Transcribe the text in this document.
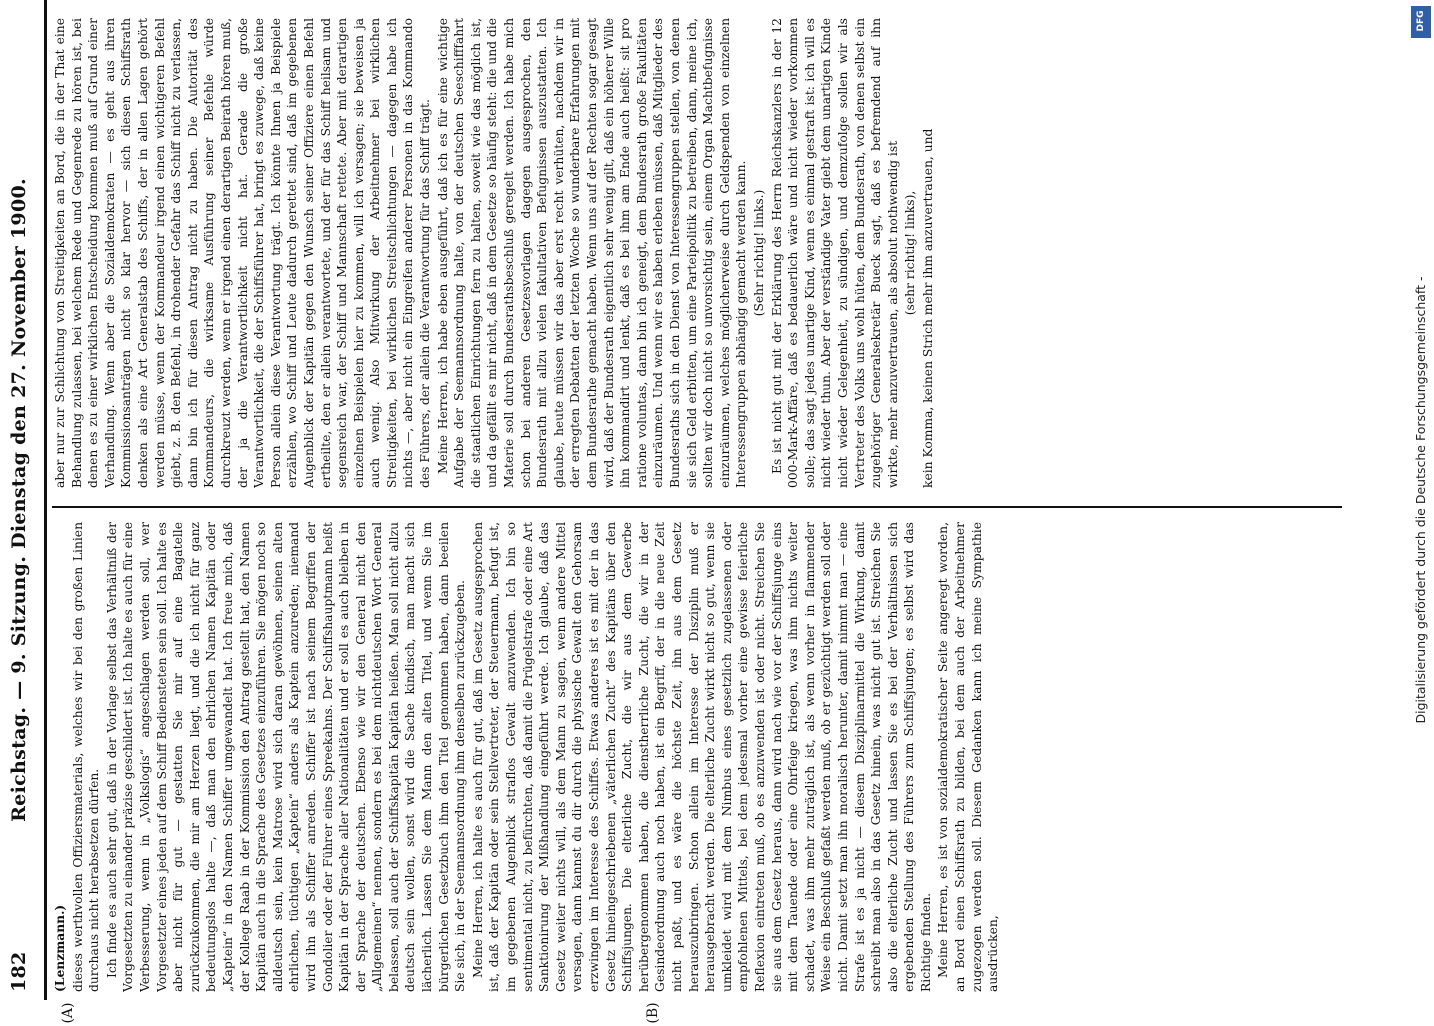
182
Reichstag. — 9. Sitzung. Dienstag den 27. November 1900.
(A)	(B)

(Lenzmann.) dieses werthvollen Offiziersmaterials, welches wir bei den großen Linien durchaus nicht herabsetzen dürfen. Ich finde es auch sehr gut, daß in der Vorlage selbst das Verhältniß der Vorgesetzten zu einander präzise geschildert ist. Ich halte es auch für eine Verbesserung, wenn in „Volkslogis“ angeschlagen werden soll, wer Vorgesetzter eines jeden auf dem Schiff Bediensteten sein soll. Ich halte es aber nicht für gut — gestatten Sie mir auf eine Bagatelle zurückzukommen, die mir am Herzen liegt, und die ich nicht für ganz bedeutungslos halte —, daß man den ehrlichen Namen Kapitän oder „Kaptein“ in den Namen Schiffer umgewandelt hat. Ich freue mich, daß der Kollege Raab in der Kommission den Antrag gestellt hat, den Namen Kapitän auch in die Sprache des Gesetzes einzuführen. Sie mögen noch so alldeutsch sein, kein Matrose wird sich daran gewöhnen, seinen alten ehrlichen, tüchtigen „Kaptein“ anders als Kaptein anzureden; niemand wird ihn als Schiffer anreden. Schiffer ist nach seinem Begriffen der Gondolier oder der Führer eines Spreekahns. Der Schiffshauptmann heißt Kapitän in der Sprache aller Nationalitäten und er soll es auch bleiben in der Sprache der deutschen. Ebenso wie wir den General nicht den „Allgemeinen“ nennen, sondern es bei dem nichtdeutschen Wort General belassen, soll auch der Schiffskapitän Kapitän heißen. Man soll nicht allzu deutsch sein wollen, sonst wird die Sache kindisch, man macht sich lächerlich. Lassen Sie dem Mann den alten Titel, und wenn Sie im bürgerlichen Gesetzbuch ihm den Titel genommen haben, dann beeilen Sie sich, in der Seemannsordnung ihm denselben zurückzugeben. Meine Herren, ich halte es auch für gut, daß im Gesetz ausgesprochen ist, daß der Kapitän oder sein Stellvertreter, der Steuermann, befugt ist, im gegebenen Augenblick straflos Gewalt anzuwenden. Ich bin so sentimental nicht, zu befürchten, daß damit die Prügelstrafe oder eine Art Sanktionirung der Mißhandlung eingeführt werde. Ich glaube, daß das Gesetz weiter nichts will, als dem Mann zu sagen, wenn andere Mittel versagen, dann kannst du dir durch die physische Gewalt den Gehorsam erzwingen im Interesse des Schiffes. Etwas anderes ist es mit der in das Gesetz hineingeschriebenen „väterlichen Zucht“ des Kapitäns über den Schiffsjungen. Die elterliche Zucht, die wir aus dem Gewerbe herübergenommen haben, die dienstherrliche Zucht, die wir in der Gesindeordnung auch noch haben, ist ein Begriff, der in die neue Zeit nicht paßt, und es wäre die höchste Zeit, ihn aus dem Gesetz herauszubringen. Schon allein im Interesse der Disziplin muß er herausgebracht werden. Die elterliche Zucht wirkt nicht so gut, wenn sie umkleidet wird mit dem Nimbus eines gesetzlich zugelassenen oder empfohlenen Mittels, bei dem jedesmal vorher eine gewisse feierliche Reflexion eintreten muß, ob es anzuwenden ist oder nicht. Streichen Sie sie aus dem Gesetz heraus, dann wird nach wie vor der Schiffsjunge eins mit dem Tauende oder eine Ohrfeige kriegen, was ihm nichts weiter schadet, was ihm mehr zuträglich ist, als wenn vorher in flammender Weise ein Beschluß gefaßt werden muß, ob er gezüchtigt werden soll oder nicht. Damit setzt man ihn moralisch herunter, damit nimmt man — eine Strafe ist es ja nicht — diesem Disziplinarmittel die Wirkung, damit schreibt man also in das Gesetz hinein, was nicht gut ist. Streichen Sie also die elterliche Zucht und lassen Sie es bei der Verhältnissen sich ergebenden Stellung des Führers zum Schiffsjungen; es selbst wird das Richtige finden. Meine Herren, es ist von sozialdemokratischer Seite angeregt worden, an Bord einen Schiffsrath zu bilden, bei dem auch der Arbeitnehmer zugezogen werden soll. Diesem Gedanken kann ich meine Sympathie ausdrücken,

aber nur zur Schlichtung von Streitigkeiten an Bord, die in der That eine Behandlung zulassen, bei welchem Rede und Gegenrede zu hören ist, bei denen es zu einer wirklichen Entscheidung kommen muß auf Grund einer Verhandlung. Wenn aber die Sozialdemokraten — es geht aus ihren Kommissionsanträgen nicht so klar hervor — sich diesen Schiffsrath denken als eine Art Generalstab des Schiffs, der in allen Lagen gehört werden müsse, wenn der Kommandeur irgend einen wichtigeren Befehl giebt, z. B. den Befehl, in drohender Gefahr das Schiff nicht zu verlassen, dann bin ich für diesen Antrag nicht zu haben. Die Autorität des Kommandeurs, die wirksame Ausführung seiner Befehle würde durchkreuzt werden, wenn er irgend einen derartigen Beirath hören muß, der ja die Verantwortlichkeit nicht hat. Gerade die große Verantwortlichkeit, die der Schiffsführer hat, bringt es zuwege, daß keine Person allein diese Verantwortung trägt. Ich könnte Ihnen ja Beispiele erzählen, wo Schiff und Leute dadurch gerettet sind, daß im gegebenen Augenblick der Kapitän gegen den Wunsch seiner Offiziere einen Befehl ertheilte, den er allein verantwortete, und der für das Schiff heilsam und segensreich war, der Schiff und Mannschaft rettete. Aber mit derartigen einzelnen Beispielen hier zu kommen, will ich versagen; sie beweisen ja auch wenig. Also Mitwirkung der Arbeitnehmer bei wirklichen Streitigkeiten, bei wirklichen Streitschlichtungen — dagegen habe ich nichts —, aber nicht ein Eingreifen anderer Personen in das Kommando des Führers, der allein die Verantwortung für das Schiff trägt. Meine Herren, ich habe eben ausgeführt, daß ich es für eine wichtige Aufgabe der Seemannsordnung halte, von der deutschen Seeschifffahrt die staatlichen Einrichtungen fern zu halten, soweit wie das möglich ist, und da gefällt es mir nicht, daß in dem Gesetze so häufig steht: die und die Materie soll durch Bundesrathsbeschluß geregelt werden. Ich habe mich schon bei anderen Gesetzesvorlagen dagegen ausgesprochen, den Bundesrath mit allzu vielen fakultativen Befugnissen auszustatten. Ich glaube, heute müssen wir das aber erst recht verhüten, nachdem wir in der erregten Debatten der letzten Woche so wunderbare Erfahrungen mit dem Bundesrathe gemacht haben. Wenn uns auf der Rechten sogar gesagt wird, daß der Bundesrath eigentlich sehr wenig gilt, daß ein höherer Wille ihn kommandirt und lenkt, daß es bei ihm am Ende auch heißt: sit pro ratione voluntas, dann bin ich geneigt, dem Bundesrath große Fakultäten einzuräumen. Und wenn wir es haben erleben müssen, daß Mitglieder des Bundesraths sich in den Dienst von Interessengruppen stellen, von denen sie sich Geld erbitten, um eine Parteipolitik zu betreiben, dann, meine ich, sollten wir doch nicht so unvorsichtig sein, einem Organ Machtbefugnisse einzuräumen, welches möglicherweise durch Geldspenden von einzelnen Interessengruppen abhängig gemacht werden kann. (Sehr richtig! links.) Es ist nicht gut mit der Erklärung des Herrn Reichskanzlers in der 12 000-Mark-Affäre, daß es bedauerlich wäre und nicht wieder vorkommen solle; das sagt jedes unartige Kind, wenn es einmal gestraft ist: ich will es nicht wieder thun. Aber der verständige Vater giebt dem unartigen Kinde nicht wieder Gelegenheit, zu sündigen, und demzufolge sollen wir als Vertreter des Volks uns wohl hüten, dem Bundesrath, von denen selbst ein zugehöriger Generalsekretär Bueck sagt, daß es befremdend auf ihn wirkte, mehr anzuvertrauen, als absolut nothwendig ist (sehr richtig! links), kein Komma, keinen Strich mehr ihm anzuvertrauen, und

DFG
Digitalisierung gefördert durch die Deutsche Forschungsgemeinschaft -
